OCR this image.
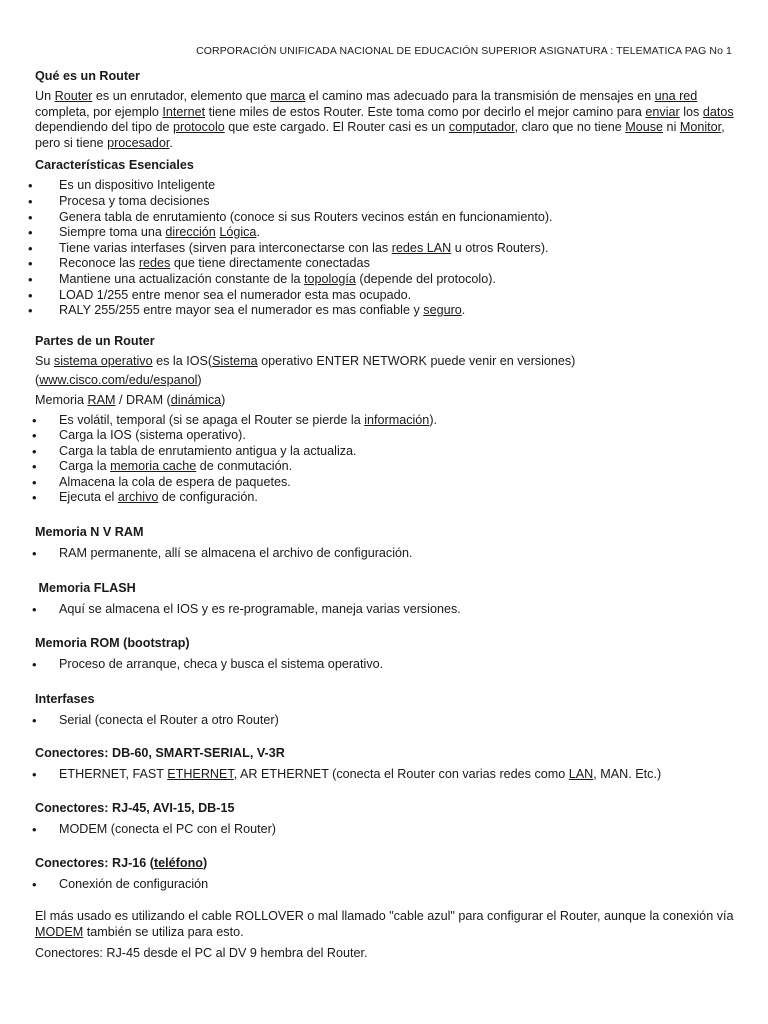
CORPORACIÓN UNIFICADA NACIONAL DE EDUCACIÓN SUPERIOR ASIGNATURA : TELEMATICA PAG No 1
Qué es un Router

Un Router es un enrutador, elemento que marca el camino mas adecuado para la transmisión de mensajes en una red completa, por ejemplo Internet tiene miles de estos Router. Este toma como por decirlo el mejor camino para enviar los datos dependiendo del tipo de protocolo que este cargado. El Router casi es un computador, claro que no tiene Mouse ni Monitor, pero si tiene procesador.

Características Esenciales
• Es un dispositivo Inteligente
• Procesa y toma decisiones
• Genera tabla de enrutamiento (conoce si sus Routers vecinos están en funcionamiento).
• Siempre toma una dirección Lógica.
• Tiene varias interfases (sirven para interconectarse con las redes LAN u otros Routers).
• Reconoce las redes que tiene directamente conectadas
• Mantiene una actualización constante de la topología (depende del protocolo).
• LOAD 1/255 entre menor sea el numerador esta mas ocupado.
• RALY 255/255 entre mayor sea el numerador es mas confiable y seguro.
Partes de un Router

Su sistema operativo es la IOS(Sistema operativo ENTER NETWORK puede venir en versiones)

(www.cisco.com/edu/espanol)

Memoria RAM / DRAM (dinámica)

• Es volátil, temporal (si se apaga el Router se pierde la información).
• Carga la IOS (sistema operativo).
• Carga la tabla de enrutamiento antigua y la actualiza.
• Carga la memoria cache de conmutación.
• Almacena la cola de espera de paquetes.
• Ejecuta el archivo de configuración.
Memoria N V RAM
• RAM permanente, allí se almacena el archivo de configuración.
Memoria FLASH
• Aquí se almacena el IOS y es re-programable, maneja varias versiones.
Memoria ROM (bootstrap)
• Proceso de arranque, checa y busca el sistema operativo.
Interfases
• Serial (conecta el Router a otro Router)
Conectores: DB-60, SMART-SERIAL, V-3R
• ETHERNET, FAST ETHERNET, AR ETHERNET (conecta el Router con varias redes como LAN, MAN. Etc.)
Conectores: RJ-45, AVI-15, DB-15
• MODEM (conecta el PC con el Router)
Conectores: RJ-16 (teléfono)
• Conexión de configuración

El más usado es utilizando el cable ROLLOVER o mal llamado "cable azul" para configurar el Router, aunque la conexión vía MODEM también se utiliza para esto.

Conectores: RJ-45 desde el PC al DV 9 hembra del Router.
